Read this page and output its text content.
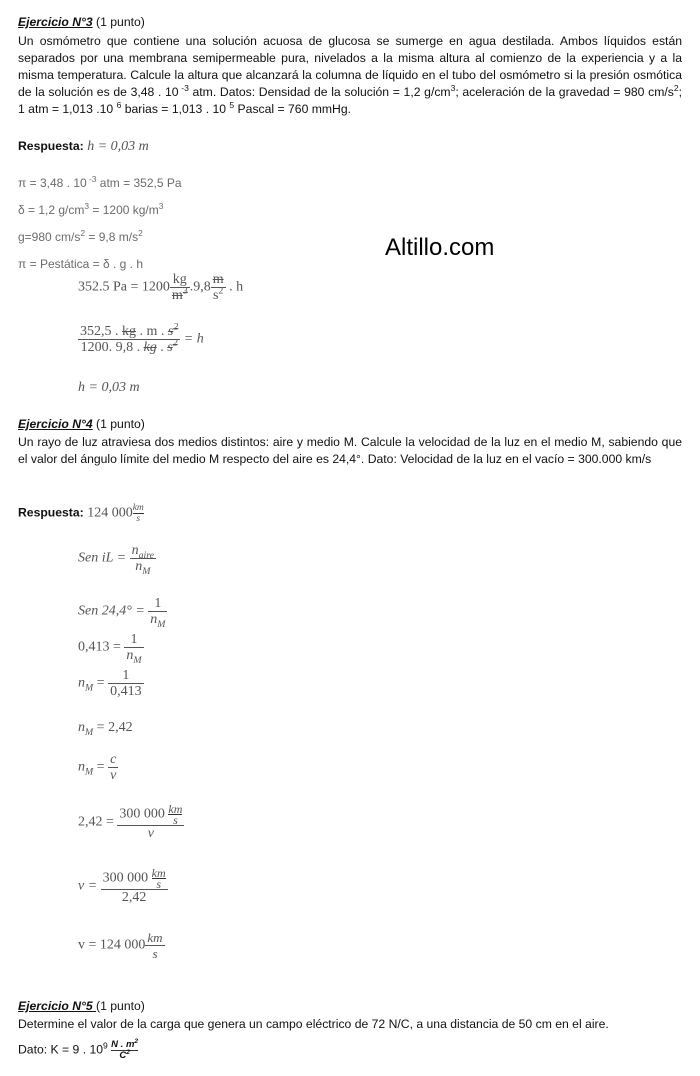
Ejercicio N°3 (1 punto)

Un osmómetro que contiene una solución acuosa de glucosa se sumerge en agua destilada. Ambos líquidos están separados por una membrana semipermeable pura, nivelados a la misma altura al comienzo de la experiencia y a la misma temperatura. Calcule la altura que alcanzará la columna de líquido en el tubo del osmómetro si la presión osmótica de la solución es de 3,48 . 10 $^{-3}$ atm. Datos: Densidad de la solución = 1,2 $g/cm^3$; aceleración de la gravedad = 980 $cm/s^2$; 1 atm = 1,013 .10 $^6$ barias = 1,013 . 10 $^5$ Pascal = 760 mmHg.

Respuesta: h = 0,03 m
π = 3,48 . 10 $^{-3}$ atm = 352,5 Pa
δ = 1,2 $g/cm^3 = 1200$ $kg/m^3$
g=980 $cm/s^2 = 9,8$ $m/s^2$
π = Pestática = δ . g . h
Altillo.com
352.5 $Pa = 1200 \frac{kg}{m^3} .9,8 \frac{m}{s^2}$ . h
$\frac{352,5 . kg . m . s^2}{1200. 9,8 . kg . s^2} = h$
h = 0,03 m
Ejercicio N°4 (1 punto)

Un rayo de luz atraviesa dos medios distintos: aire y medio M. Calcule la velocidad de la luz en el medio M, sabiendo que el valor del ángulo límite del medio M respecto del aire es 24,4°. Dato: Velocidad de la luz en el vacío = 300.000 km/s

Respuesta: 124 $000 \frac{km}{s}$
Sen iL = $\frac{n_{aire}}{n_M}$
Sen $24,4^\circ = \frac{1}{n_M}$
$0,413 = \frac{1}{n_M}$
$n_M = \frac{1}{0,413}$
$n_M = 2,42$
$n_M = \frac{c}{v}$
$2,42 = \frac{300 000 \frac{km}{s}}{v}$
$v = \frac{300 000 \frac{km}{s}}{2,42}$
v = 124 $000 \frac{km}{s}$
Ejercicio N°5 (1 punto)

Determine el valor de la carga que genera un campo eléctrico de 72 N/C, a una distancia de 50 cm en el aire.

Dato: K = 9 . $10^9 \frac{N . m^2}{C^2}$
